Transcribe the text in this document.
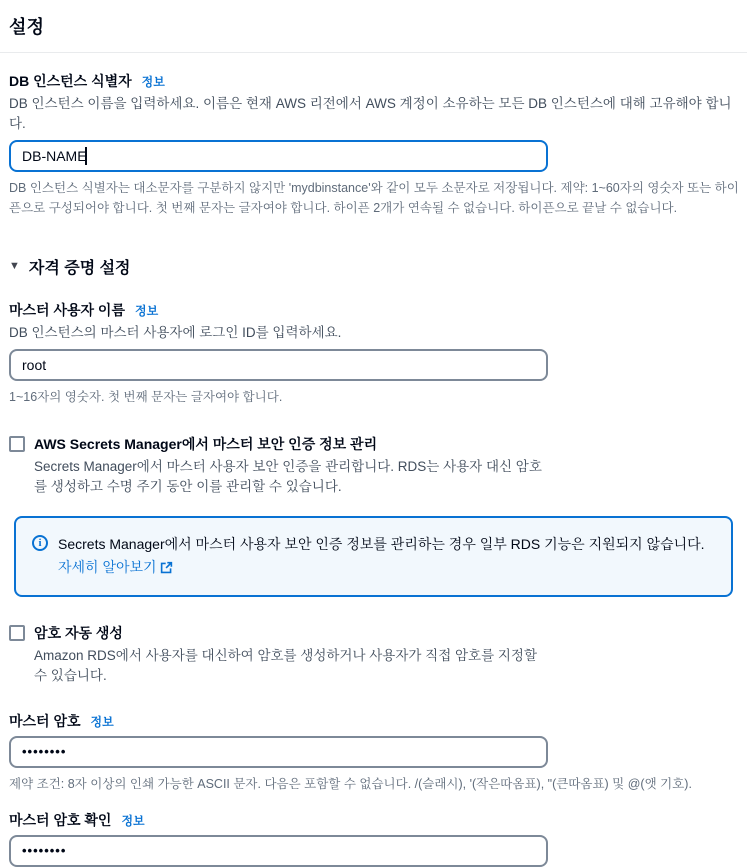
설정
DB 인스턴스 식별자 정보
DB 인스턴스 이름을 입력하세요. 이름은 현재 AWS 리전에서 AWS 계정이 소유하는 모든 DB 인스턴스에 대해 고유해야 합니다.
DB-NAME
DB 인스턴스 식별자는 대소문자를 구분하지 않지만 'mydbinstance'와 같이 모두 소문자로 저장됩니다. 제약: 1~60자의 영숫자 또는 하이픈으로 구성되어야 합니다. 첫 번째 문자는 글자여야 합니다. 하이픈 2개가 연속될 수 없습니다. 하이픈으로 끝날 수 없습니다.
▼ 자격 증명 설정
마스터 사용자 이름 정보
DB 인스턴스의 마스터 사용자에 로그인 ID를 입력하세요.
root
1~16자의 영숫자. 첫 번째 문자는 글자여야 합니다.
AWS Secrets Manager에서 마스터 보안 인증 정보 관리
Secrets Manager에서 마스터 사용자 보안 인증을 관리합니다. RDS는 사용자 대신 암호를 생성하고 수명 주기 동안 이를 관리할 수 있습니다.
i	Secrets Manager에서 마스터 사용자 보안 인증 정보를 관리하는 경우 일부 RDS 기능은 지원되지 않습니다. 자세히 알아보기
암호 자동 생성
Amazon RDS에서 사용자를 대신하여 암호를 생성하거나 사용자가 직접 암호를 지정할 수 있습니다.
마스터 암호 정보
••••••••
제약 조건: 8자 이상의 인쇄 가능한 ASCII 문자. 다음은 포함할 수 없습니다. /(슬래시), '(작은따옴표), "(큰따옴표) 및 @(앳 기호).
마스터 암호 확인 정보
••••••••
